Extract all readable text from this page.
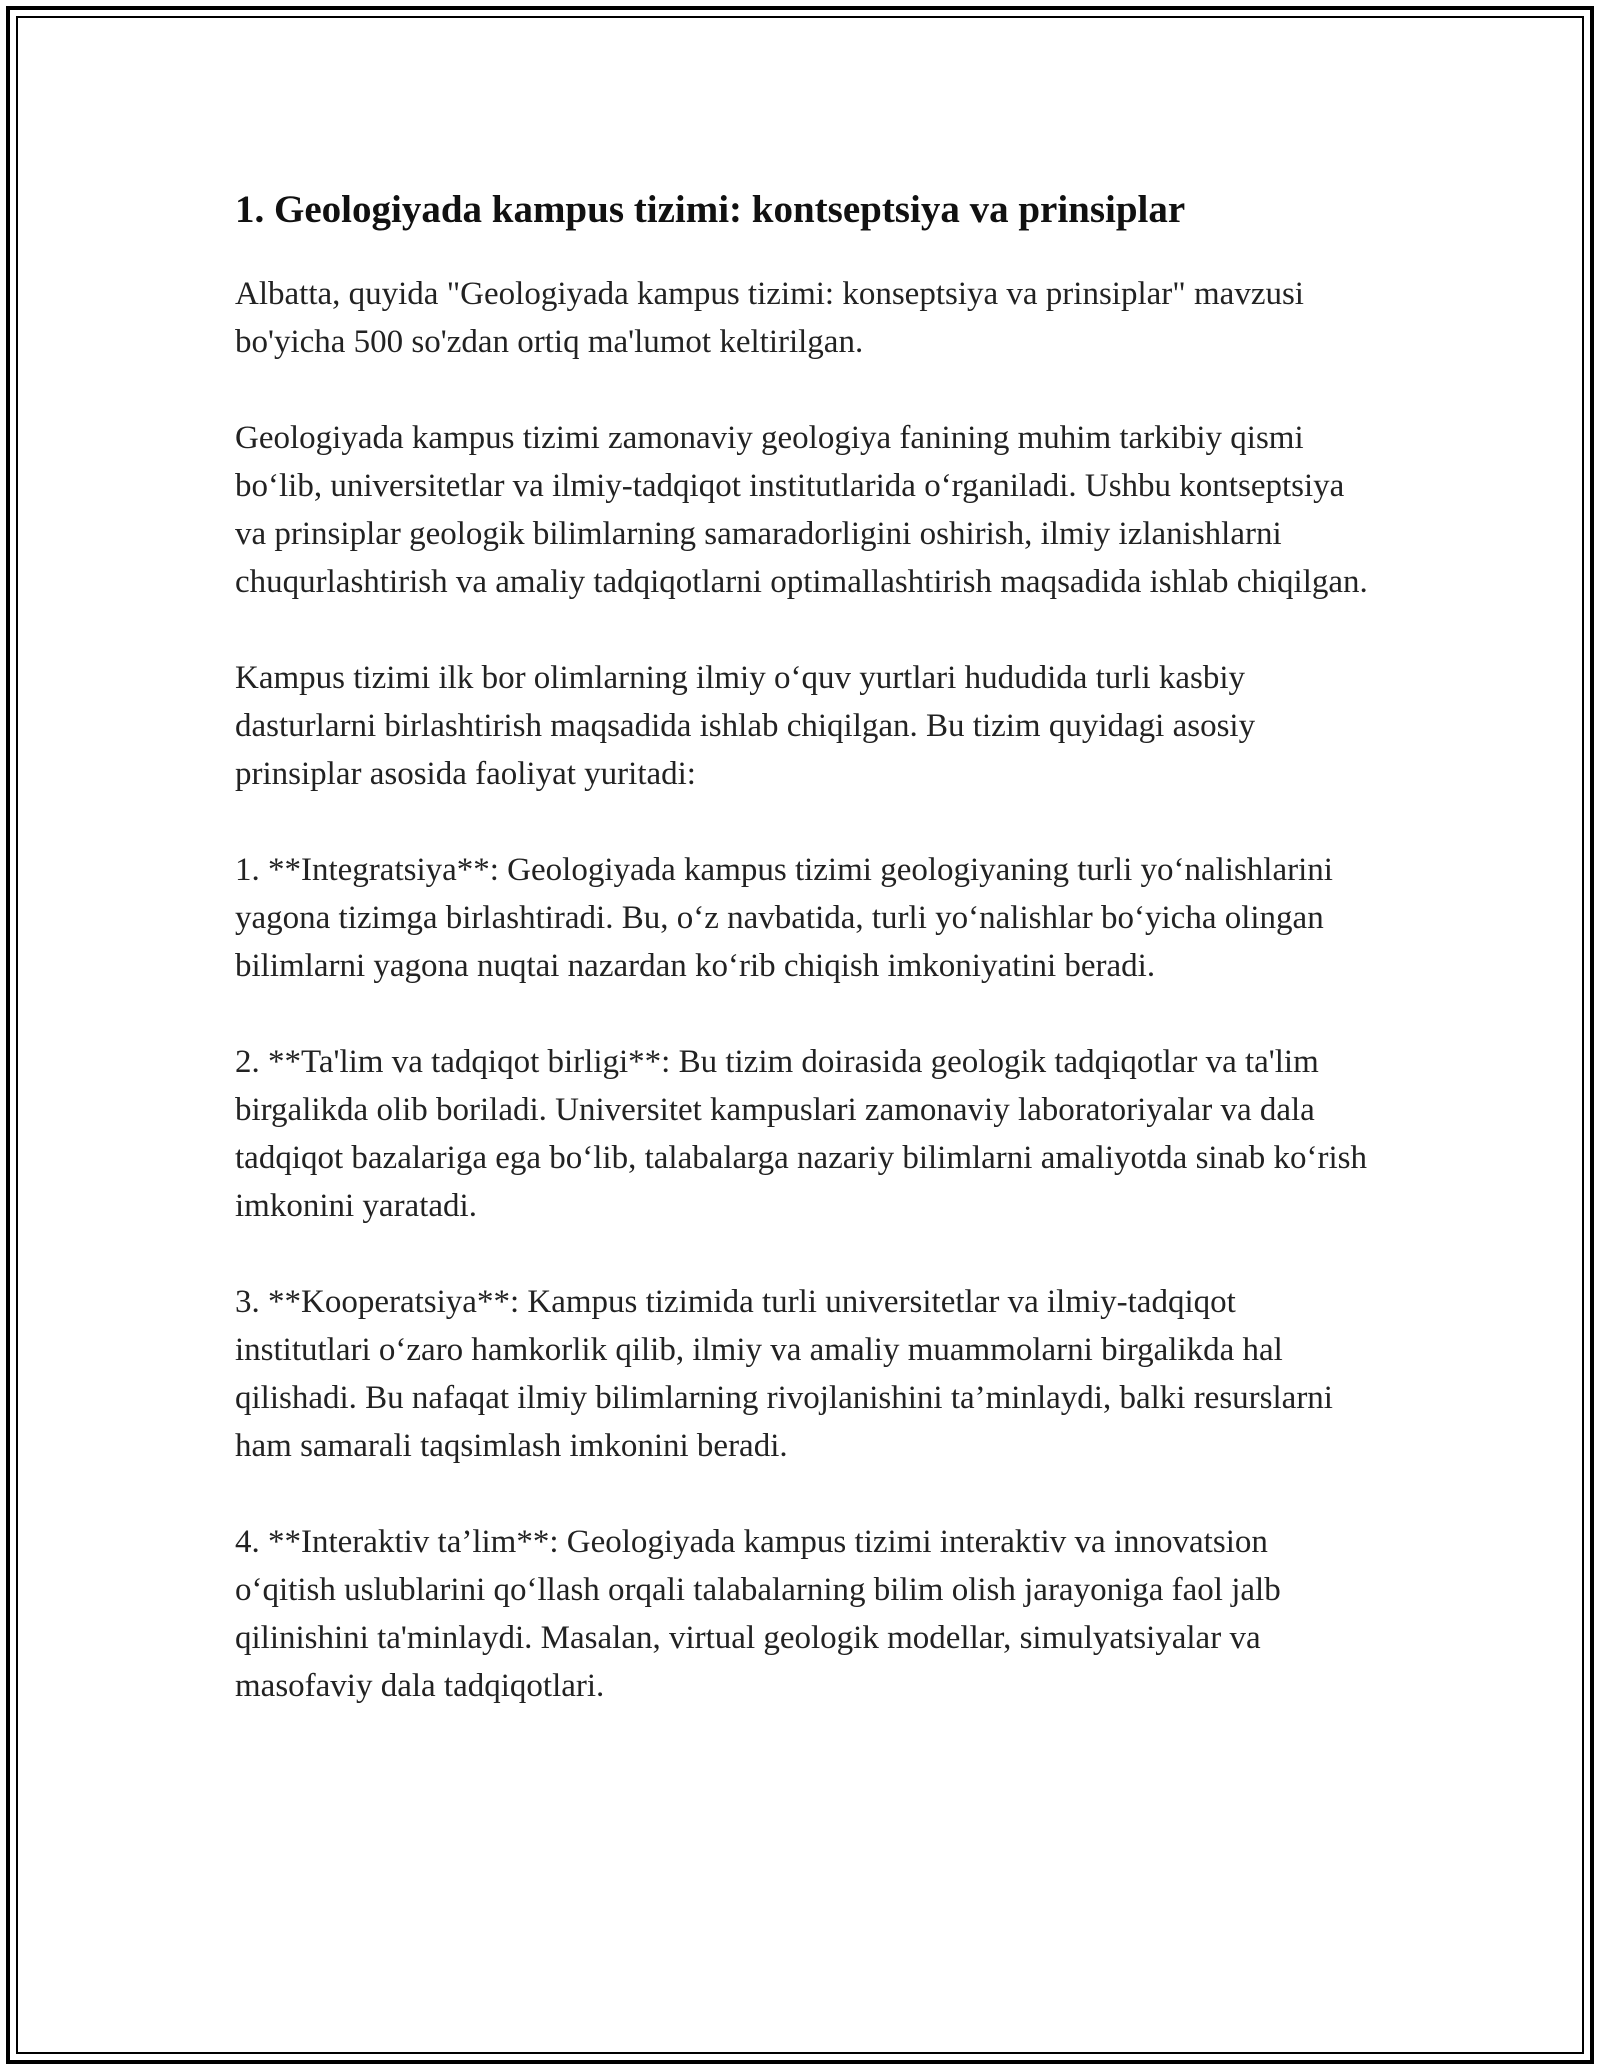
1. Geologiyada kampus tizimi: kontseptsiya va prinsiplar

Albatta, quyida "Geologiyada kampus tizimi: konseptsiya va prinsiplar" mavzusi bo'yicha 500 so'zdan ortiq ma'lumot keltirilgan.

Geologiyada kampus tizimi zamonaviy geologiya fanining muhim tarkibiy qismi boʻlib, universitetlar va ilmiy-tadqiqot institutlarida oʻrganiladi. Ushbu kontseptsiya va prinsiplar geologik bilimlarning samaradorligini oshirish, ilmiy izlanishlarni chuqurlashtirish va amaliy tadqiqotlarni optimallashtirish maqsadida ishlab chiqilgan.

Kampus tizimi ilk bor olimlarning ilmiy oʻquv yurtlari hududida turli kasbiy dasturlarni birlashtirish maqsadida ishlab chiqilgan. Bu tizim quyidagi asosiy prinsiplar asosida faoliyat yuritadi:

1. **Integratsiya**: Geologiyada kampus tizimi geologiyaning turli yoʻnalishlarini yagona tizimga birlashtiradi. Bu, oʻz navbatida, turli yoʻnalishlar boʻyicha olingan bilimlarni yagona nuqtai nazardan koʻrib chiqish imkoniyatini beradi.

2. **Ta'lim va tadqiqot birligi**: Bu tizim doirasida geologik tadqiqotlar va ta'lim birgalikda olib boriladi. Universitet kampuslari zamonaviy laboratoriyalar va dala tadqiqot bazalariga ega boʻlib, talabalarga nazariy bilimlarni amaliyotda sinab koʻrish imkonini yaratadi.

3. **Kooperatsiya**: Kampus tizimida turli universitetlar va ilmiy-tadqiqot institutlari oʻzaro hamkorlik qilib, ilmiy va amaliy muammolarni birgalikda hal qilishadi. Bu nafaqat ilmiy bilimlarning rivojlanishini ta’minlaydi, balki resurslarni ham samarali taqsimlash imkonini beradi.

4. **Interaktiv ta’lim**: Geologiyada kampus tizimi interaktiv va innovatsion oʻqitish uslublarini qoʻllash orqali talabalarning bilim olish jarayoniga faol jalb qilinishini ta'minlaydi. Masalan, virtual geologik modellar, simulyatsiyalar va masofaviy dala tadqiqotlari.
